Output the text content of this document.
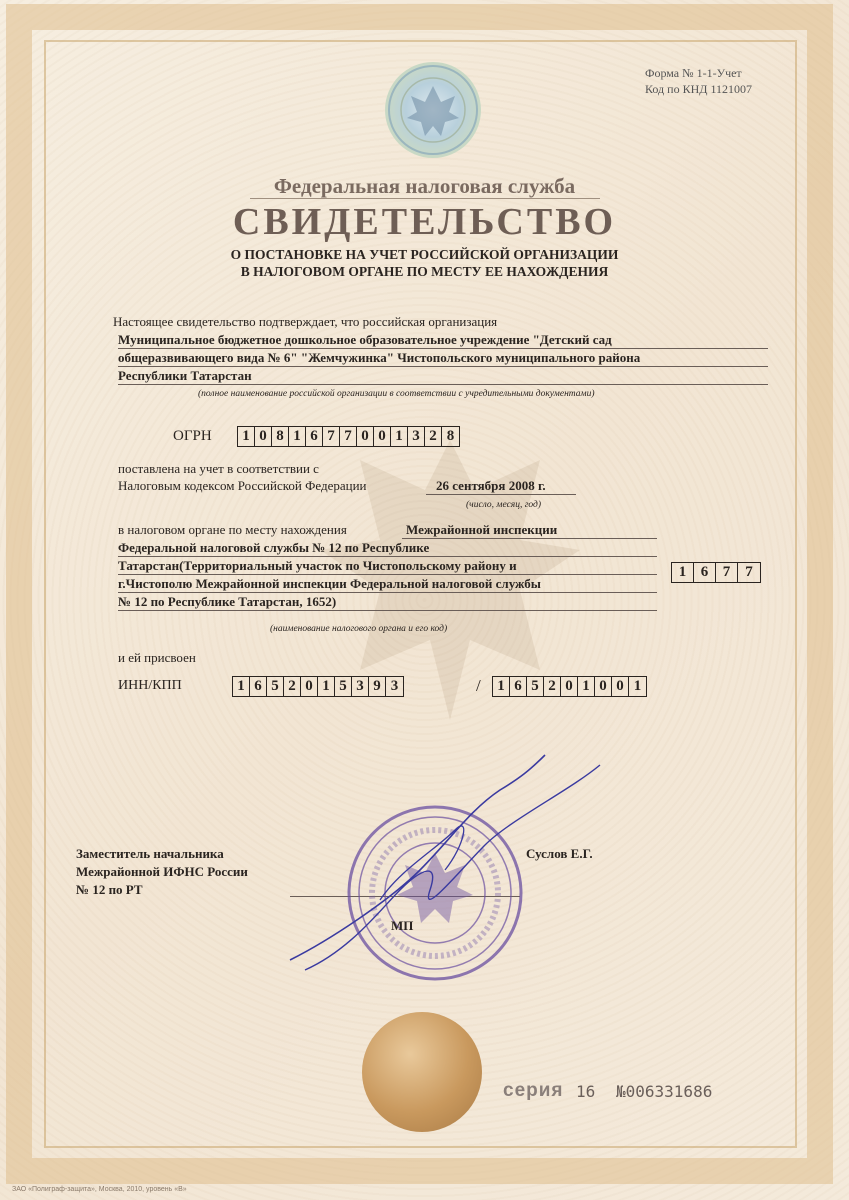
Форма № 1-1-Учет
Код по КНД 1121007
Федеральная налоговая служба
СВИДЕТЕЛЬСТВО
О ПОСТАНОВКЕ НА УЧЕТ РОССИЙСКОЙ ОРГАНИЗАЦИИ
В НАЛОГОВОМ ОРГАНЕ ПО МЕСТУ ЕЕ НАХОЖДЕНИЯ
Настоящее свидетельство подтверждает, что российская организация
Муниципальное бюджетное дошкольное образовательное учреждение "Детский сад
общеразвивающего вида № 6" "Жемчужинка" Чистопольского муниципального района
Республики Татарстан
(полное наименование российской организации в соответствии с учредительными документами)
ОГРН 1 0 8 1 6 7 7 0 0 1 3 2 8
поставлена на учет в соответствии с
Налоговым кодексом Российской Федерации	26 сентября 2008 г.
(число, месяц, год)
в налоговом органе по месту нахождения	Межрайонной инспекции
Федеральной налоговой службы № 12 по Республике
Татарстан(Территориальный участок по Чистопольскому району и
г.Чистополю Межрайонной инспекции Федеральной налоговой службы
№ 12 по Республике Татарстан, 1652)
1 6 7	7
(наименование налогового органа и его код)
и ей присвоен
ИНН/КПП	1 6 5 2 0 1 5 3 9 3	/ 1 6 5 2 0 1 0 0 1
Заместитель начальника
Межрайонной ИФНС России
№ 12 по РТ
Суслов Е.Г.
МП
серия 16 №006331686
ЗАО «Полиграф-защита», Москва, 2010, уровень «В»
